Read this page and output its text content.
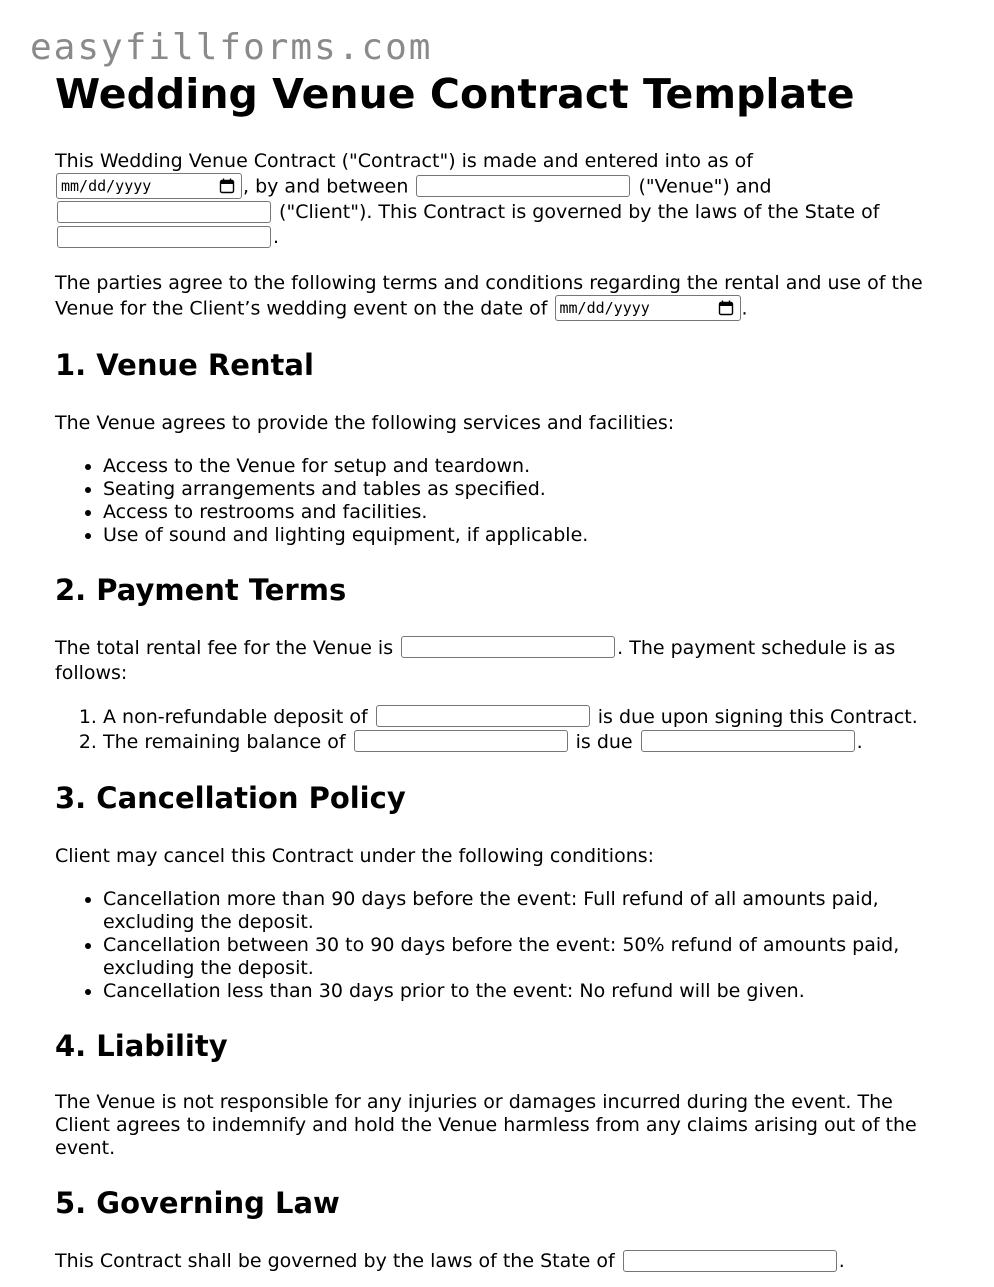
easyfillforms.com
Wedding Venue Contract Template

This Wedding Venue Contract ("Contract") is made and entered into as of

mm/dd/yyyy	, by and between	("Venue") and
("Client"). This Contract is governed by the laws of the State of
.

The parties agree to the following terms and conditions regarding the rental and use of the Venue for the Client’s wedding event on the date of mm/dd/yyyy	.

1. Venue Rental

The Venue agrees to provide the following services and facilities:

• Access to the Venue for setup and teardown.
• Seating arrangements and tables as specified.
• Access to restrooms and facilities.
• Use of sound and lighting equipment, if applicable.
2. Payment Terms

The total rental fee for the Venue is	. The payment schedule is as follows:

1. A non-refundable deposit of	is due upon signing this Contract.
2. The remaining balance of	is due	.
3. Cancellation Policy

Client may cancel this Contract under the following conditions:

• Cancellation more than 90 days before the event: Full refund of all amounts paid, excluding the deposit.
• Cancellation between 30 to 90 days before the event: 50% refund of amounts paid, excluding the deposit.
• Cancellation less than 30 days prior to the event: No refund will be given.
4. Liability

The Venue is not responsible for any injuries or damages incurred during the event. The Client agrees to indemnify and hold the Venue harmless from any claims arising out of the event.

5. Governing Law

This Contract shall be governed by the laws of the State of	.
